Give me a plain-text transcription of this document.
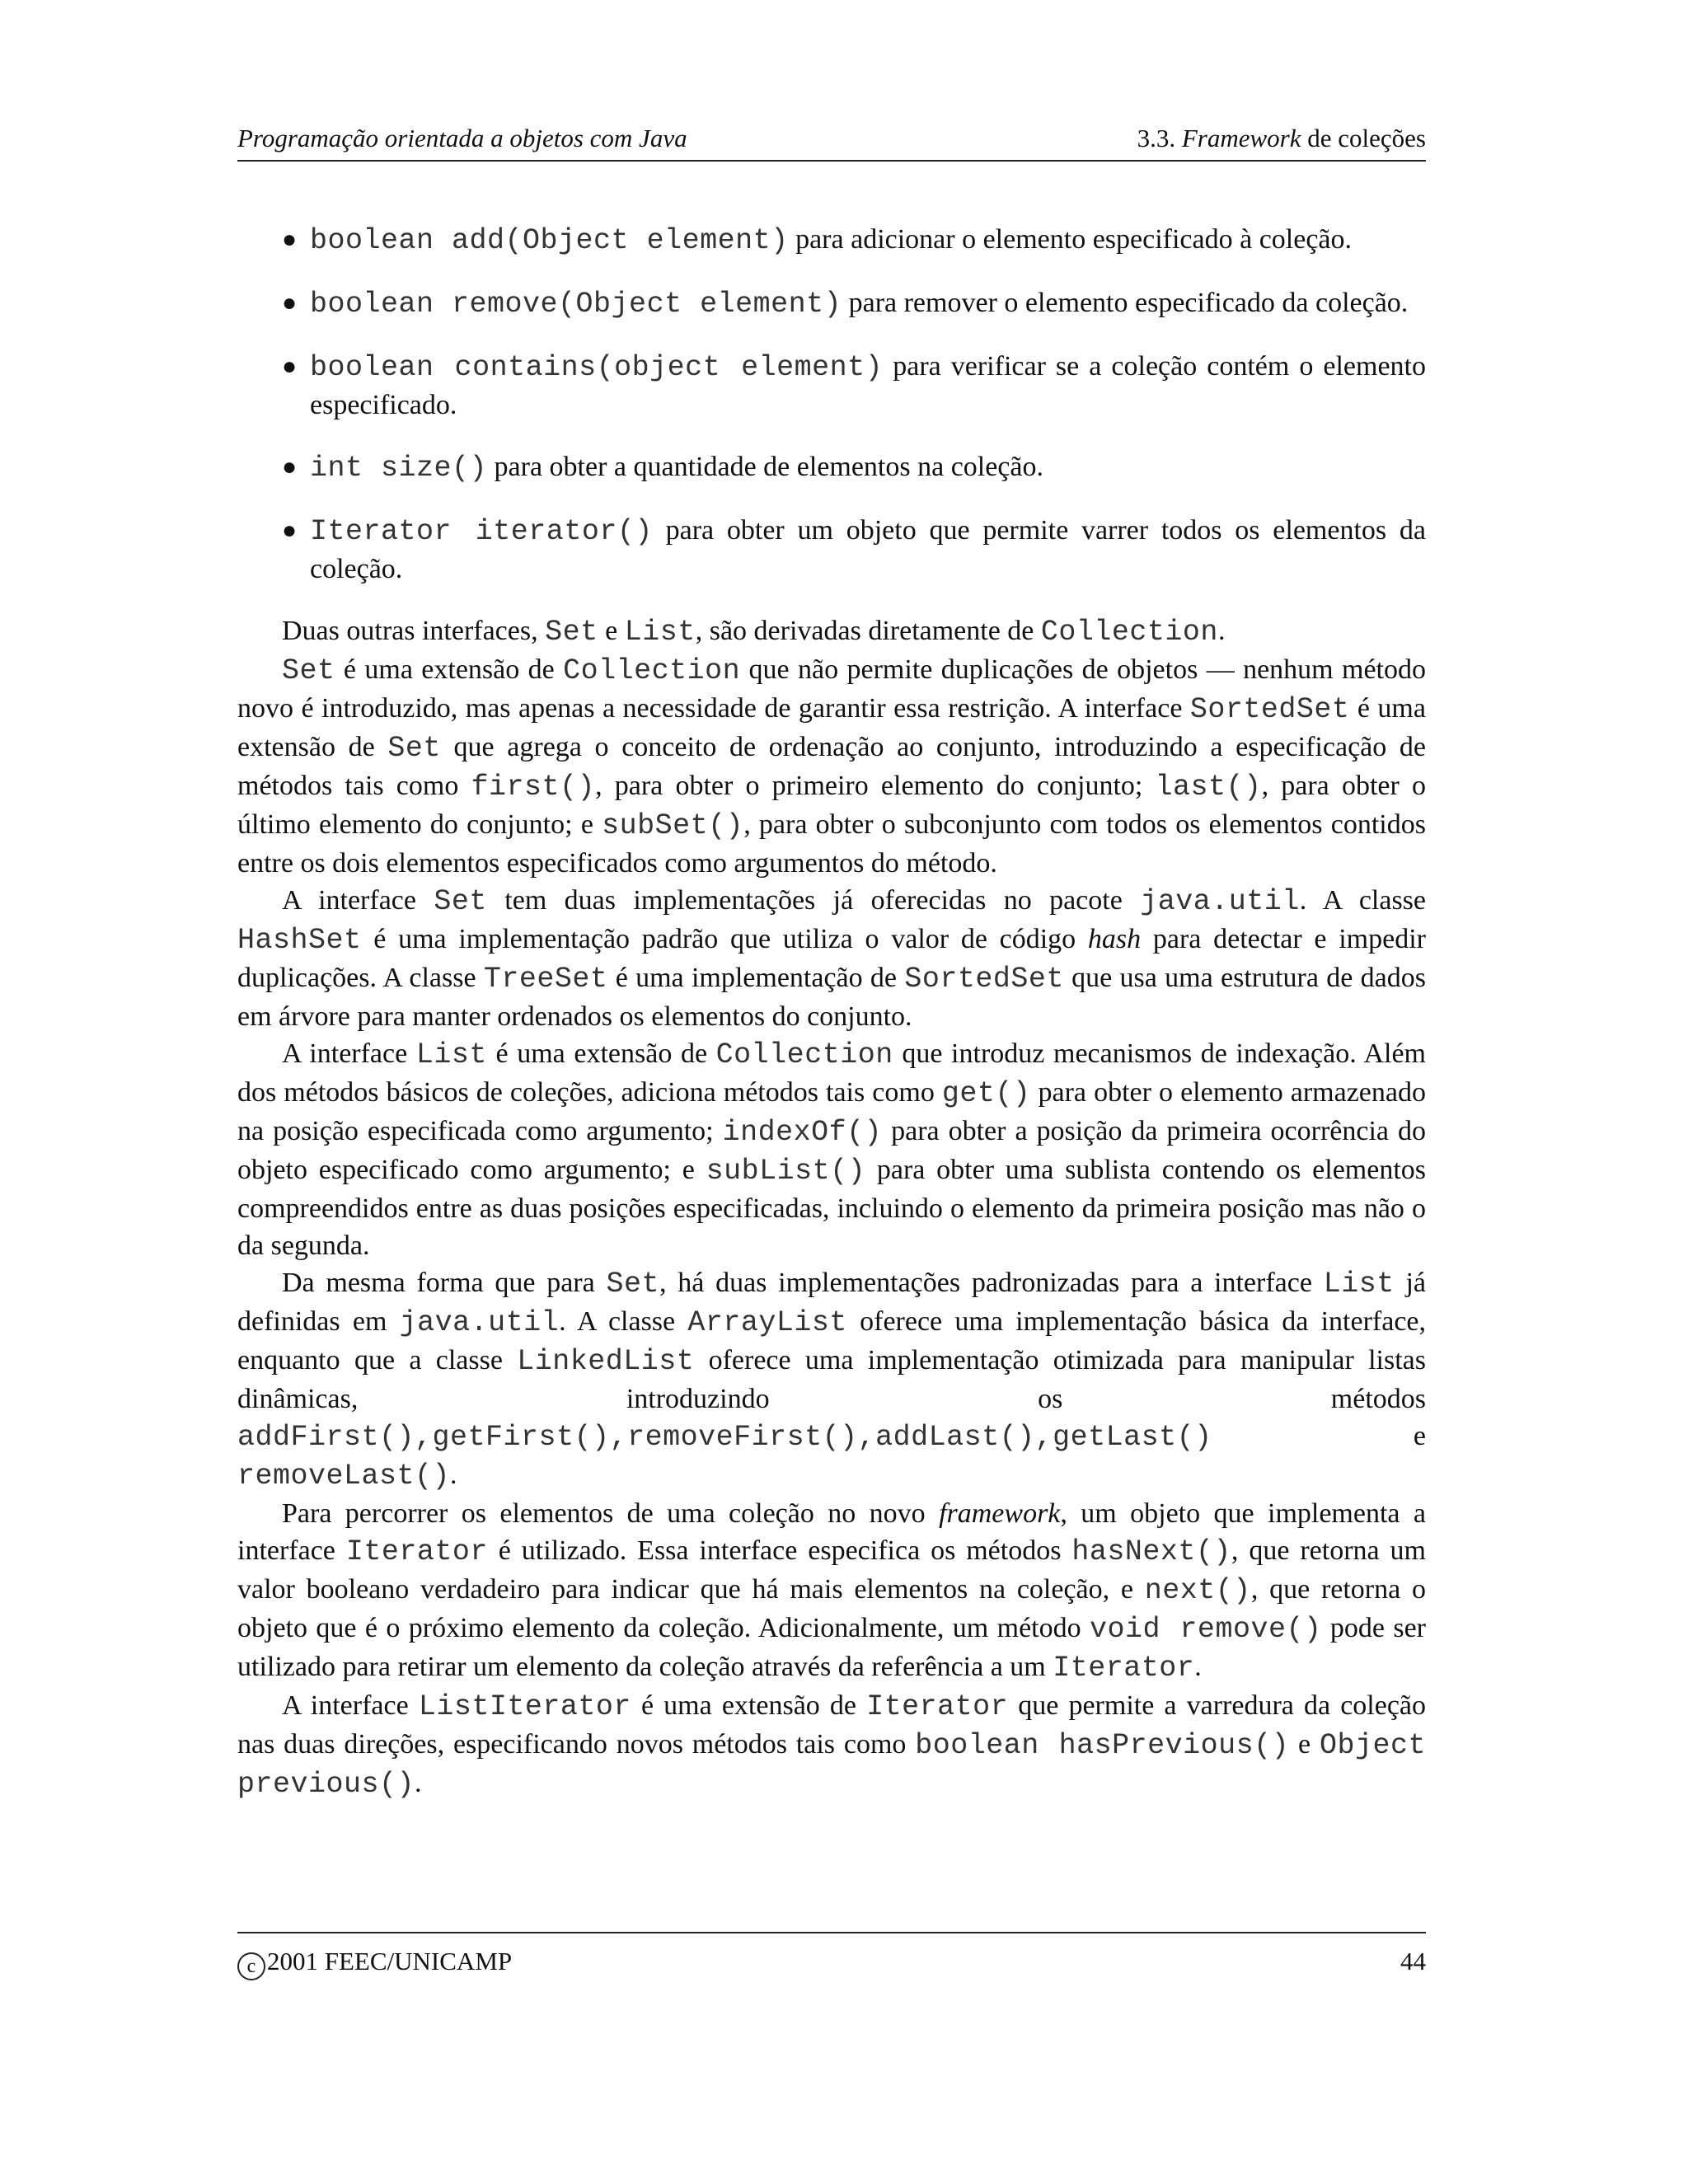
Programação orientada a objetos com Java	3.3. Framework de coleções
● boolean add(Object element) para adicionar o elemento especificado à coleção.
● boolean remove(Object element) para remover o elemento especificado da coleção.
● boolean contains(object element) para verificar se a coleção contém o elemento especificado.
● int size() para obter a quantidade de elementos na coleção.
● Iterator iterator() para obter um objeto que permite varrer todos os elementos da coleção.

Duas outras interfaces, Set e List, são derivadas diretamente de Collection.

Set é uma extensão de Collection que não permite duplicações de objetos — nenhum método novo é introduzido, mas apenas a necessidade de garantir essa restrição. A interface SortedSet é uma extensão de Set que agrega o conceito de ordenação ao conjunto, introduzindo a especificação de métodos tais como first(), para obter o primeiro elemento do conjunto; last(), para obter o último elemento do conjunto; e subSet(), para obter o subconjunto com todos os elementos contidos entre os dois elementos especificados como argumentos do método.

A interface Set tem duas implementações já oferecidas no pacote java.util. A classe HashSet é uma implementação padrão que utiliza o valor de código hash para detectar e impedir duplicações. A classe TreeSet é uma implementação de SortedSet que usa uma estrutura de dados em árvore para manter ordenados os elementos do conjunto.

A interface List é uma extensão de Collection que introduz mecanismos de indexação. Além dos métodos básicos de coleções, adiciona métodos tais como get() para obter o elemento armazenado na posição especificada como argumento; indexOf() para obter a posição da primeira ocorrência do objeto especificado como argumento; e subList() para obter uma sublista contendo os elementos compreendidos entre as duas posições especificadas, incluindo o elemento da primeira posição mas não o da segunda.

Da mesma forma que para Set, há duas implementações padronizadas para a interface List já definidas em java.util. A classe ArrayList oferece uma implementação básica da interface, enquanto que a classe LinkedList oferece uma implementação otimizada para manipular listas dinâmicas, introduzindo os métodos addFirst(),getFirst(),removeFirst(),addLast(),getLast() e removeLast().

Para percorrer os elementos de uma coleção no novo framework, um objeto que implementa a interface Iterator é utilizado. Essa interface especifica os métodos hasNext(), que retorna um valor booleano verdadeiro para indicar que há mais elementos na coleção, e next(), que retorna o objeto que é o próximo elemento da coleção. Adicionalmente, um método void remove() pode ser utilizado para retirar um elemento da coleção através da referência a um Iterator.

A interface ListIterator é uma extensão de Iterator que permite a varredura da coleção nas duas direções, especificando novos métodos tais como boolean hasPrevious() e Object previous().

c 2001 FEEC/UNICAMP	44
